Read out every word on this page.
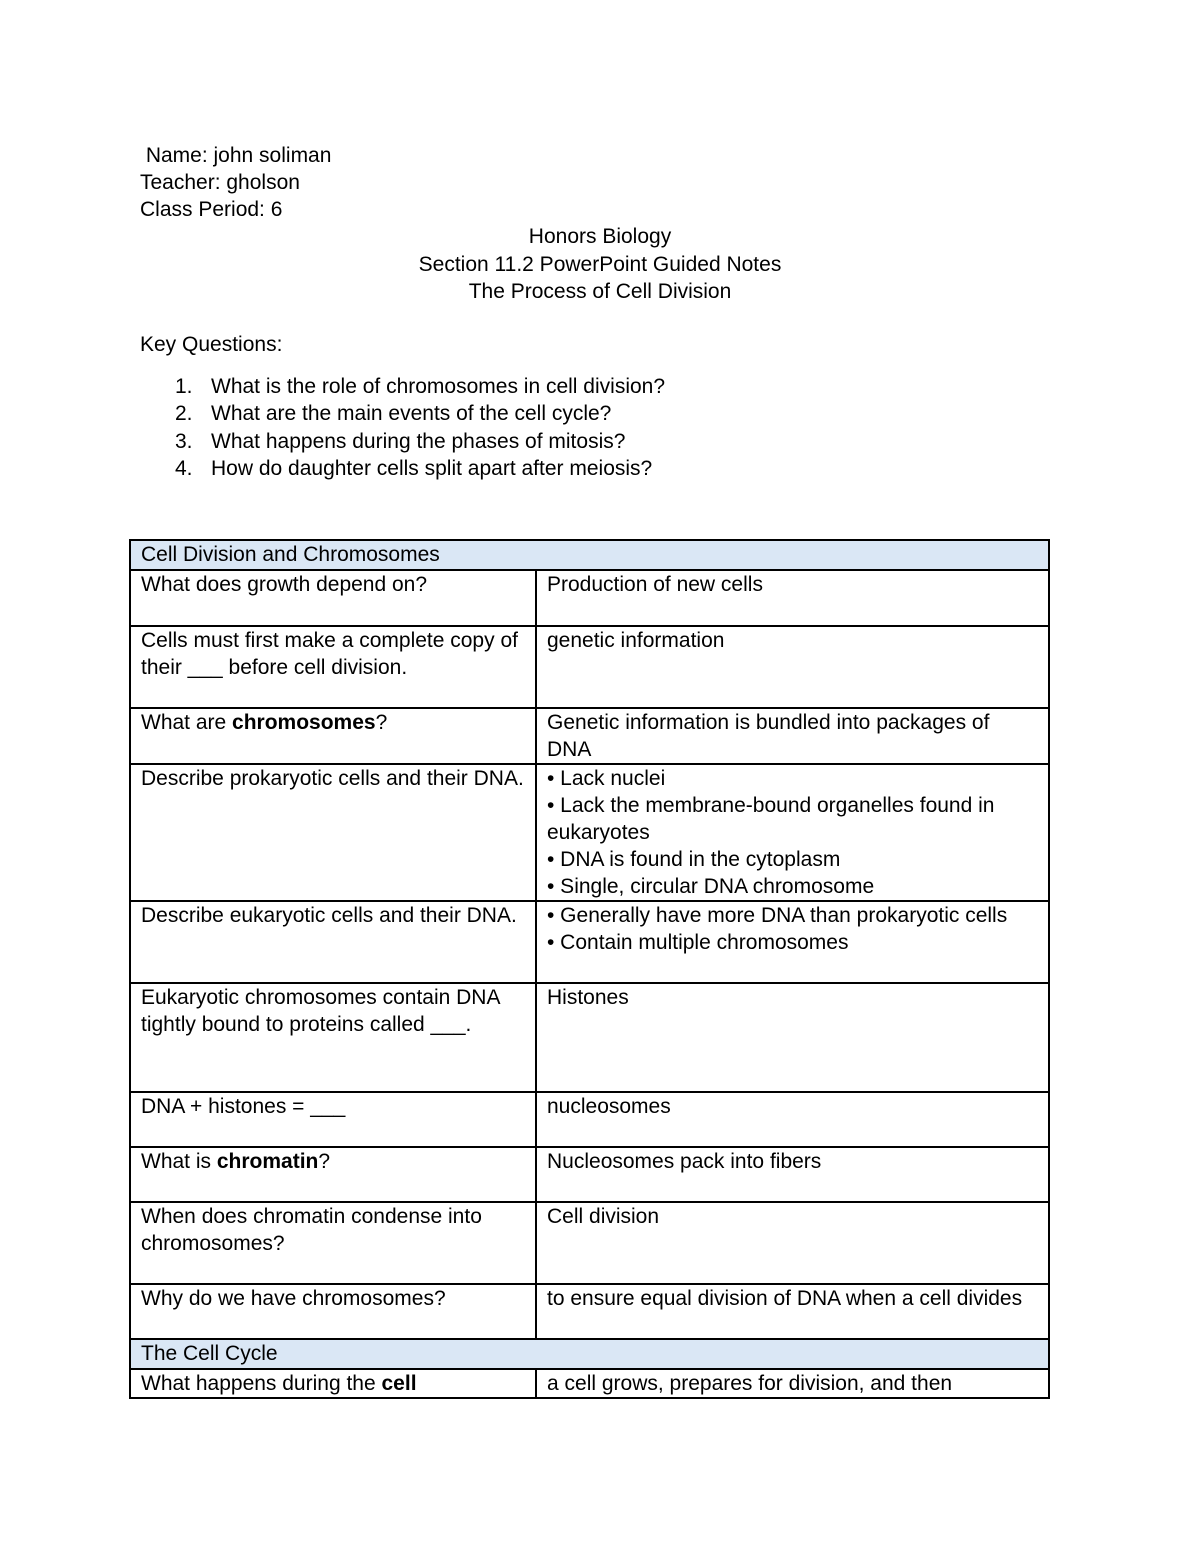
Name: john soliman
Teacher: gholson
Class Period: 6
Honors Biology
Section 11.2 PowerPoint Guided Notes
The Process of Cell Division
Key Questions:
1. What is the role of chromosomes in cell division?
2. What are the main events of the cell cycle?
3. What happens during the phases of mitosis?
4. How do daughter cells split apart after meiosis?
Cell Division and Chromosomes	
What does growth depend on?	Production of new cells
Cells must first make a complete copy of their ___ before cell division.	genetic information
What are chromosomes?	Genetic information is bundled into packages of DNA
Describe prokaryotic cells and their DNA.	• Lack nuclei
• Lack the membrane-bound organelles found in eukaryotes
• DNA is found in the cytoplasm
• Single, circular DNA chromosome

Describe eukaryotic cells and their DNA.	• Generally have more DNA than prokaryotic cells
• Contain multiple chromosomes

Eukaryotic chromosomes contain DNA tightly bound to proteins called ___.	Histones
DNA + histones = ___	nucleosomes
What is chromatin?	Nucleosomes pack into fibers
When does chromatin condense into chromosomes?	Cell division
Why do we have chromosomes?	to ensure equal division of DNA when a cell divides
The Cell Cycle	
What happens during the cell	a cell grows, prepares for division, and then
